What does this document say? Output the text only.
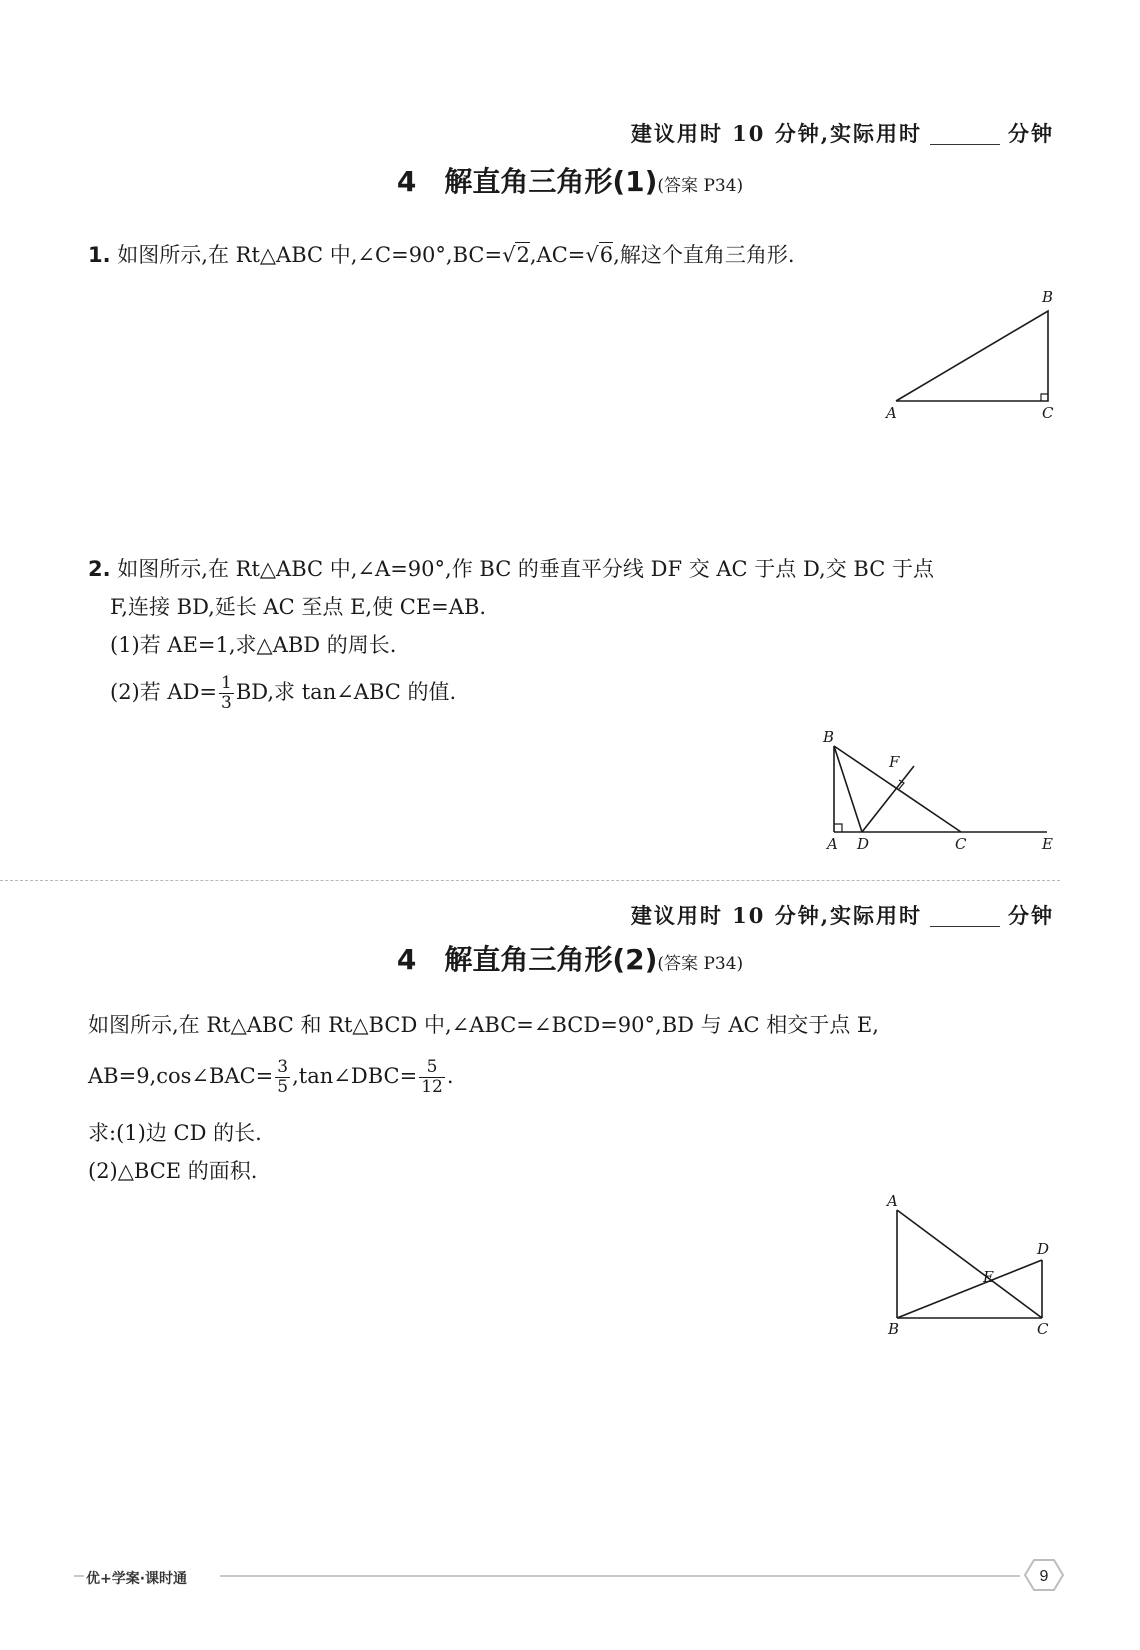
建议用时 10 分钟,实际用时	分钟
4 解直角三角形(1)(答案 P34)
1. 如图所示,在 Rt△ABC 中,∠C=90°,BC=√2,AC=√6,解这个直角三角形.
A
B
C
2. 如图所示,在 Rt△ABC 中,∠A=90°,作 BC 的垂直平分线 DF 交 AC 于点 D,交 BC 于点
F,连接 BD,延长 AC 至点 E,使 CE=AB.
(1)若 AE=1,求△ABD 的周长.
(2)若 $AD= \frac{1}{3}$ BD,求 tan∠ABC 的值.
B
A D	C	E
F
建议用时 10 分钟,实际用时	分钟
4 解直角三角形(2)(答案 P34)
如图所示,在 Rt△ABC 和 Rt△BCD 中,∠ABC=∠BCD=90°,BD 与 AC 相交于点 E,
AB=9,cos∠BAC= $\frac{3}{5}$ ,tan∠DBC= $\frac{5}{12}$ .
求:(1)边 CD 的长.
(2)△BCE 的面积.
A
B	C
D
E
优+学案·课时通	9
